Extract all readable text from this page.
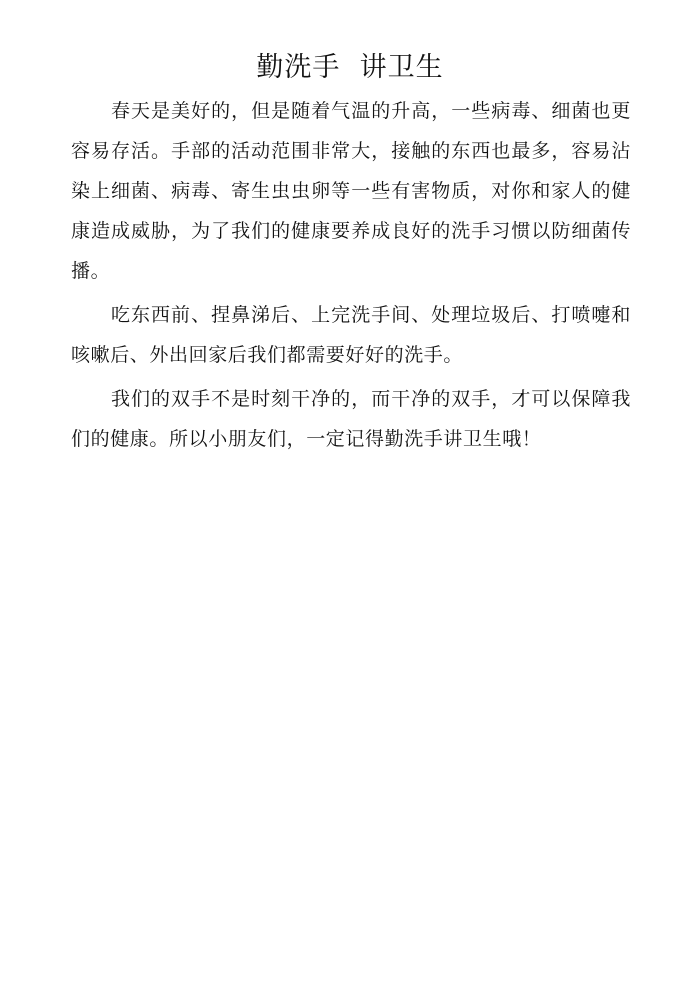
勤洗手  讲卫生

春天是美好的，但是随着气温的升高，一些病毒、细菌也更容易存活。手部的活动范围非常大，接触的东西也最多，容易沾染上细菌、病毒、寄生虫虫卵等一些有害物质，对你和家人的健康造成威胁，为了我们的健康要养成良好的洗手习惯以防细菌传播。

吃东西前、捏鼻涕后、上完洗手间、处理垃圾后、打喷嚏和咳嗽后、外出回家后我们都需要好好的洗手。

我们的双手不是时刻干净的，而干净的双手，才可以保障我们的健康。所以小朋友们，一定记得勤洗手讲卫生哦！
